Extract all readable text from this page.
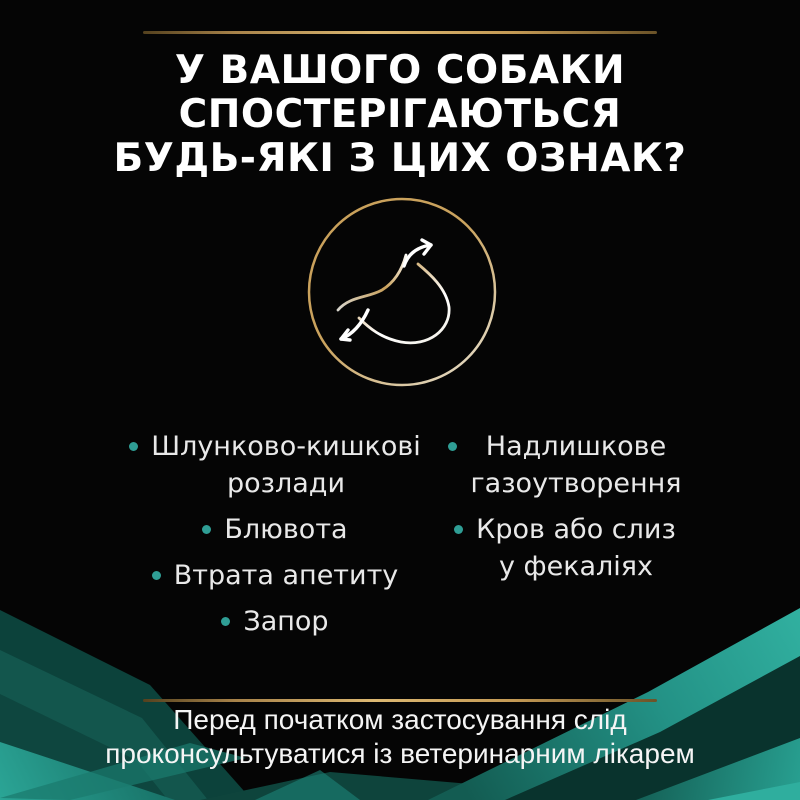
У ВАШОГО СОБАКИ
СПОСТЕРІГАЮТЬСЯ
БУДЬ-ЯКІ З ЦИХ ОЗНАК?
Шлунково-кишкові
розлади
Блювота
Втрата апетиту
Запор
Надлишкове
газоутворення
Кров або слиз
у фекаліях
Перед початком застосування слід
проконсультуватися із ветеринарним лікарем
